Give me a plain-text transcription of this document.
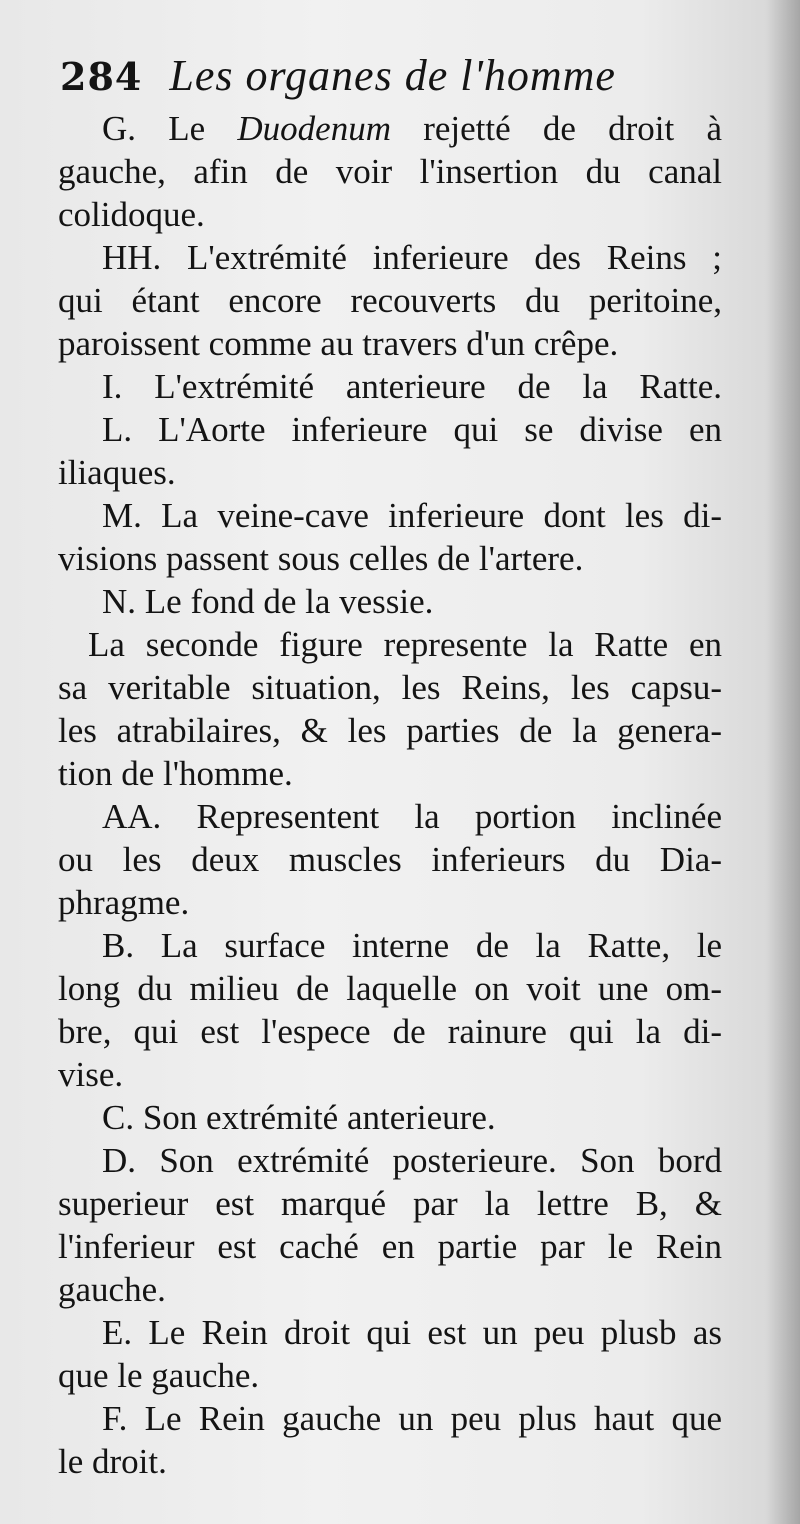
284 Les organes de l'homme
G. Le Duodenum rejetté de droit à
gauche, afin de voir l'insertion du canal
colidoque.
HH. L'extrémité inferieure des Reins ;
qui étant encore recouverts du peritoine,
paroissent comme au travers d'un crêpe.
I. L'extrémité anterieure de la Ratte.
L. L'Aorte inferieure qui se divise en
iliaques.
M. La veine-cave inferieure dont les di-
visions passent sous celles de l'artere.
N. Le fond de la vessie.
La seconde figure represente la Ratte en
sa veritable situation, les Reins, les capsu-
les atrabilaires, & les parties de la genera-
tion de l'homme.
AA. Representent la portion inclinée
ou les deux muscles inferieurs du Dia-
phragme.
B. La surface interne de la Ratte, le
long du milieu de laquelle on voit une om-
bre, qui est l'espece de rainure qui la di-
vise.
C. Son extrémité anterieure.
D. Son extrémité posterieure. Son bord
superieur est marqué par la lettre B, &
l'inferieur est caché en partie par le Rein
gauche.
E. Le Rein droit qui est un peu plusb as
que le gauche.
F. Le Rein gauche un peu plus haut que
le droit.
